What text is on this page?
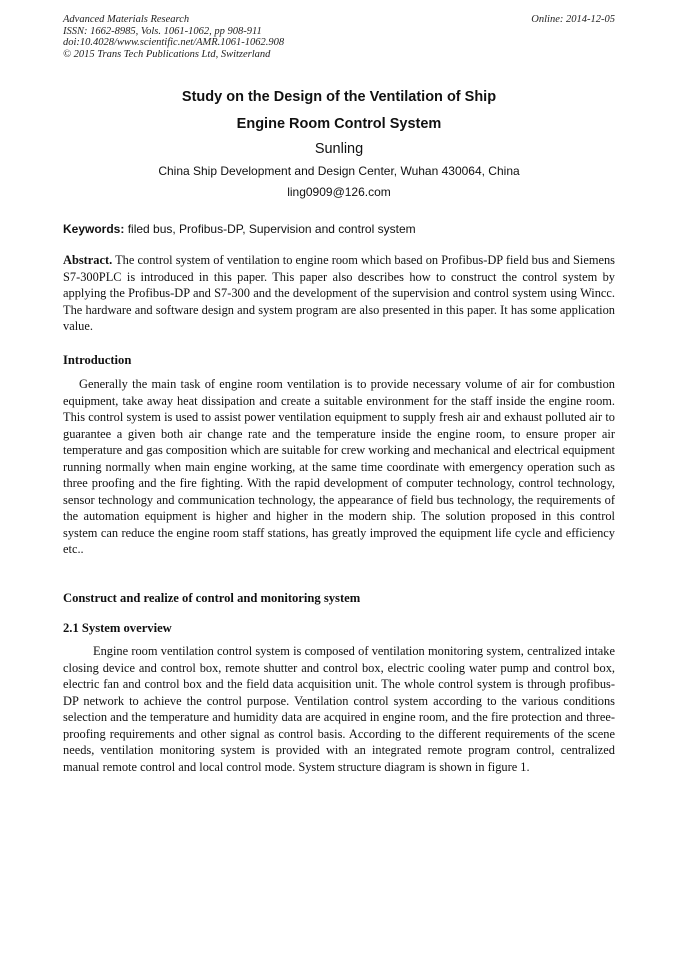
Advanced Materials Research
ISSN: 1662-8985, Vols. 1061-1062, pp 908-911
doi:10.4028/www.scientific.net/AMR.1061-1062.908
© 2015 Trans Tech Publications Ltd, Switzerland
Online: 2014-12-05
Study on the Design of the Ventilation of Ship
Engine Room Control System
Sunling
China Ship Development and Design Center, Wuhan 430064, China
ling0909@126.com
Keywords: filed bus, Profibus-DP, Supervision and control system

Abstract. The control system of ventilation to engine room which based on Profibus-DP field bus and Siemens S7-300PLC is introduced in this paper. This paper also describes how to construct the control system by applying the Profibus-DP and S7-300 and the development of the supervision and control system using Wincc. The hardware and software design and system program are also presented in this paper. It has some application value.

Introduction

Generally the main task of engine room ventilation is to provide necessary volume of air for combustion equipment, take away heat dissipation and create a suitable environment for the staff inside the engine room. This control system is used to assist power ventilation equipment to supply fresh air and exhaust polluted air to guarantee a given both air change rate and the temperature inside the engine room, to ensure proper air temperature and gas composition which are suitable for crew working and mechanical and electrical equipment running normally when main engine working, at the same time coordinate with emergency operation such as three proofing and the fire fighting. With the rapid development of computer technology, control technology, sensor technology and communication technology, the appearance of field bus technology, the requirements of the automation equipment is higher and higher in the modern ship. The solution proposed in this control system can reduce the engine room staff stations, has greatly improved the equipment life cycle and efficiency etc..

Construct and realize of control and monitoring system

2.1 System overview

Engine room ventilation control system is composed of ventilation monitoring system, centralized intake closing device and control box, remote shutter and control box, electric cooling water pump and control box, electric fan and control box and the field data acquisition unit. The whole control system is through profibus-DP network to achieve the control purpose. Ventilation control system according to the various conditions selection and the temperature and humidity data are acquired in engine room, and the fire protection and three-proofing requirements and other signal as control basis. According to the different requirements of the scene needs, ventilation monitoring system is provided with an integrated remote program control, centralized manual remote control and local control mode. System structure diagram is shown in figure 1.
